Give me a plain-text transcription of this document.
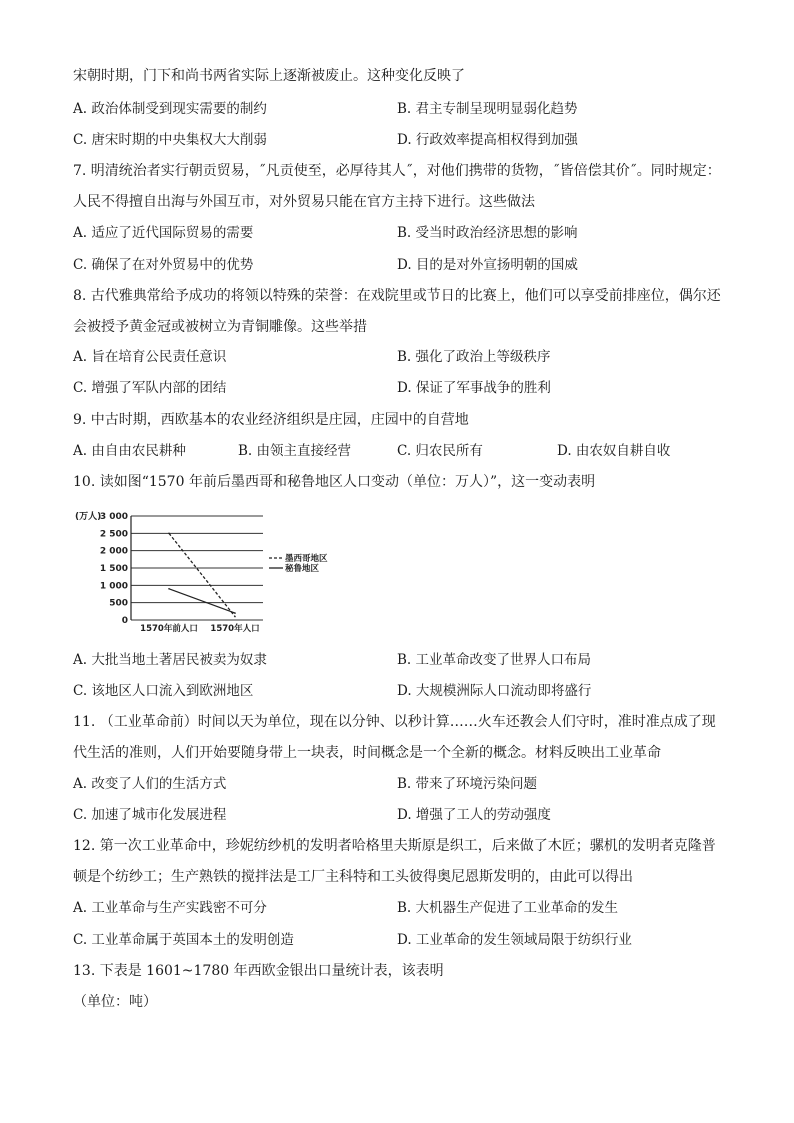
宋朝时期，门下和尚书两省实际上逐渐被废止。这种变化反映了
A. 政治体制受到现实需要的制约	B. 君主专制呈现明显弱化趋势
C. 唐宋时期的中央集权大大削弱	D. 行政效率提高相权得到加强
7. 明清统治者实行朝贡贸易，˝凡贡使至，必厚待其人˝，对他们携带的货物，˝皆倍偿其价˝。同时规定：
人民不得擅自出海与外国互市，对外贸易只能在官方主持下进行。这些做法
A. 适应了近代国际贸易的需要	B. 受当时政治经济思想的影响
C. 确保了在对外贸易中的优势	D. 目的是对外宣扬明朝的国威
8. 古代雅典常给予成功的将领以特殊的荣誉：在戏院里或节日的比赛上，他们可以享受前排座位，偶尔还
会被授予黄金冠或被树立为青铜雕像。这些举措
A. 旨在培育公民责任意识	B. 强化了政治上等级秩序
C. 增强了军队内部的团结	D. 保证了军事战争的胜利
9. 中古时期，西欧基本的农业经济组织是庄园，庄园中的自营地
A. 由自由农民耕种	B. 由领主直接经营	C. 归农民所有	D. 由农奴自耕自收
10. 读如图“1570 年前后墨西哥和秘鲁地区人口变动（单位：万人）”，这一变动表明
(万人)
3 000
2 500
2 000
1 500
1 000
500
0
1570年前人口 1570年人口
墨西哥地区
秘鲁地区
A. 大批当地土著居民被卖为奴隶	B. 工业革命改变了世界人口布局
C. 该地区人口流入到欧洲地区	D. 大规模洲际人口流动即将盛行
11. （工业革命前）时间以天为单位，现在以分钟、以秒计算……火车还教会人们守时，准时准点成了现
代生活的准则，人们开始要随身带上一块表，时间概念是一个全新的概念。材料反映出工业革命
A. 改变了人们的生活方式	B. 带来了环境污染问题
C. 加速了城市化发展进程	D. 增强了工人的劳动强度
12. 第一次工业革命中，珍妮纺纱机的发明者哈格里夫斯原是织工，后来做了木匠；骡机的发明者克隆普
顿是个纺纱工；生产熟铁的搅拌法是工厂主科特和工头彼得奥尼恩斯发明的，由此可以得出
A. 工业革命与生产实践密不可分	B. 大机器生产促进了工业革命的发生
C. 工业革命属于英国本土的发明创造	D. 工业革命的发生领域局限于纺织行业
13. 下表是 1601~1780 年西欧金银出口量统计表，该表明
（单位：吨）
